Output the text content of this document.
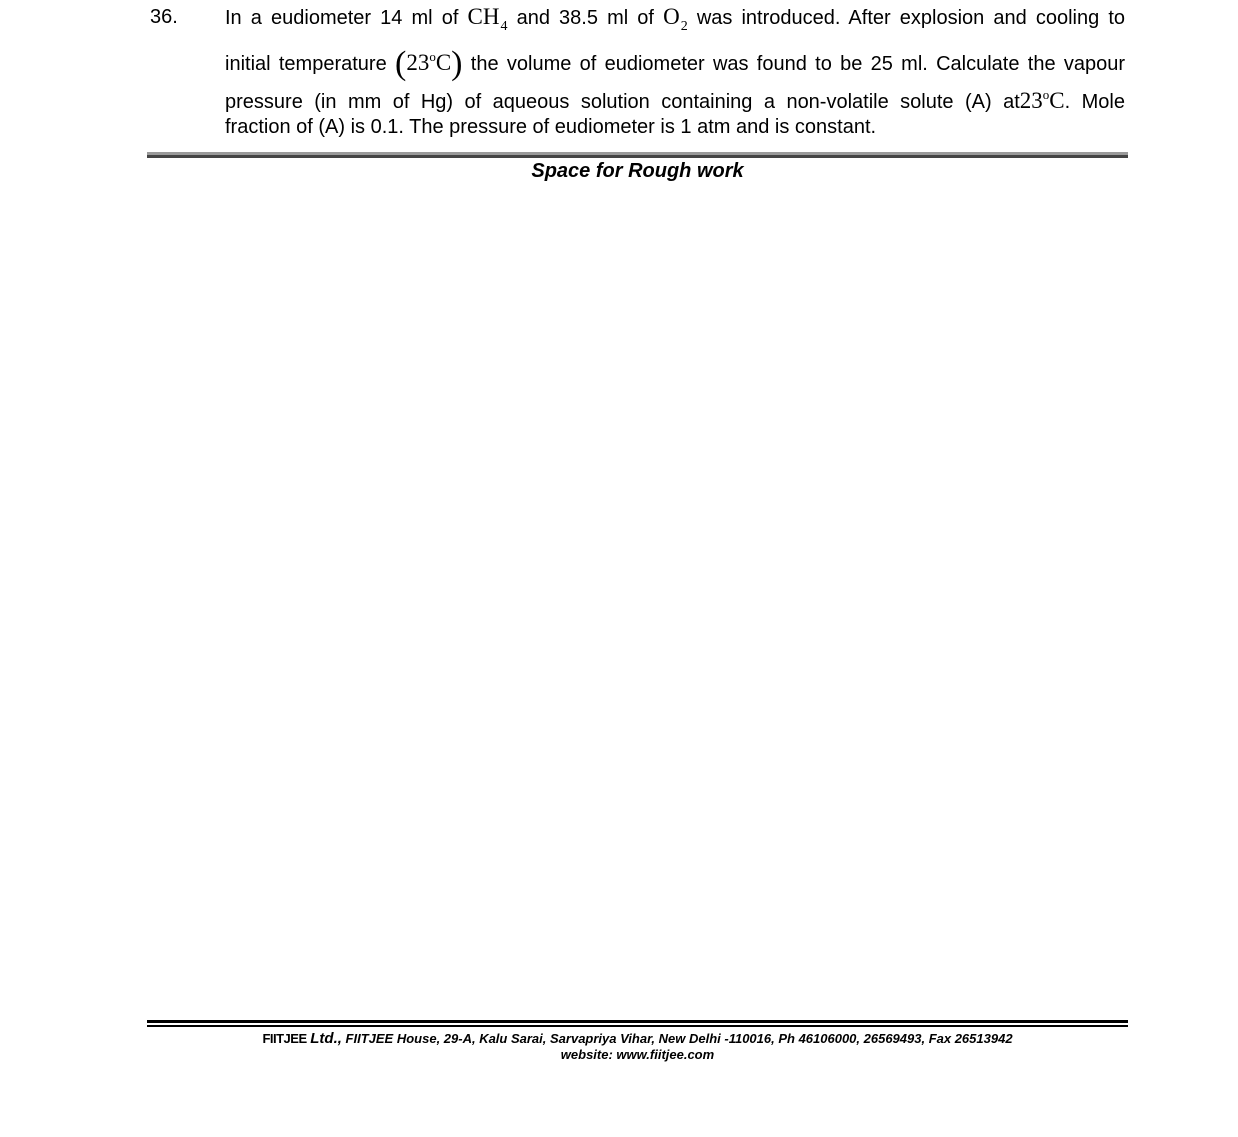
36. In a eudiometer 14 ml of $CH_4$ and 38.5 ml of $O_2$ was introduced. After explosion and cooling to
initial temperature (23$^o$C) the volume of eudiometer was found to be 25 ml. Calculate the vapour
pressure (in mm of Hg) of aqueous solution containing a non-volatile solute (A) at23$^o$C. Mole
fraction of (A) is 0.1. The pressure of eudiometer is 1 atm and is constant.
Space for Rough work
FIITJEE Ltd., FIITJEE House, 29-A, Kalu Sarai, Sarvapriya Vihar, New Delhi -110016, Ph 46106000, 26569493, Fax 26513942
website: www.fiitjee.com
